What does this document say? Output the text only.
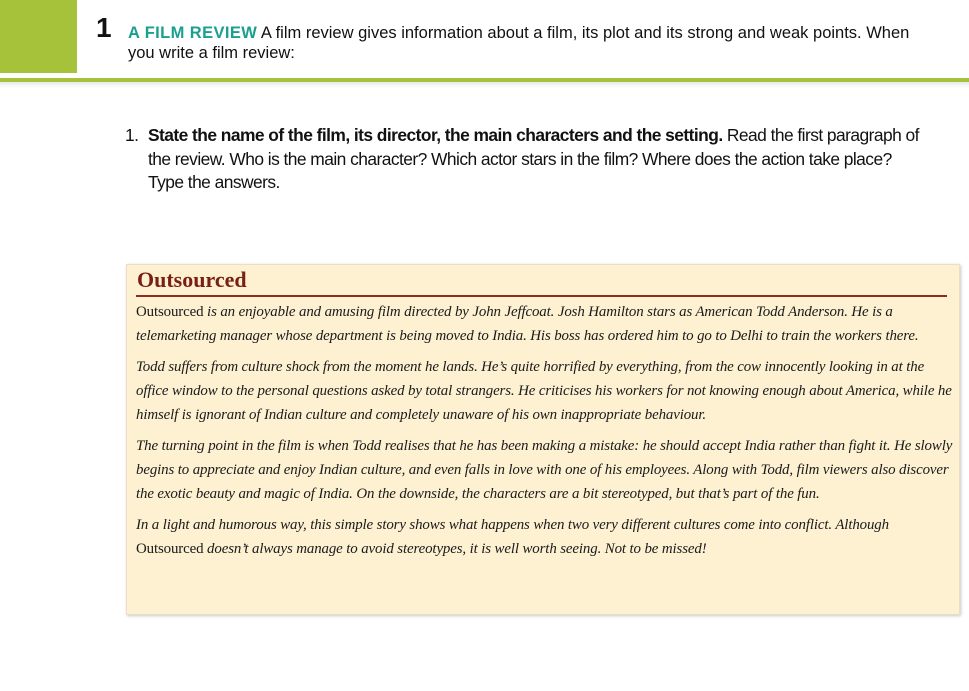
1 A FILM REVIEW A film review gives information about a film, its plot and its strong and weak points. When you write a film review:
1. State the name of the film, its director, the main characters and the setting. Read the first paragraph of the review. Who is the main character? Which actor stars in the film? Where does the action take place? Type the answers.
Outsourced

Outsourced is an enjoyable and amusing film directed by John Jeffcoat. Josh Hamilton stars as American Todd Anderson. He is a telemarketing manager whose department is being moved to India. His boss has ordered him to go to Delhi to train the workers there.

Todd suffers from culture shock from the moment he lands. He’s quite horrified by everything, from the cow innocently looking in at the office window to the personal questions asked by total strangers. He criticises his workers for not knowing enough about America, while he himself is ignorant of Indian culture and completely unaware of his own inappropriate behaviour.

The turning point in the film is when Todd realises that he has been making a mistake: he should accept India rather than fight it. He slowly begins to appreciate and enjoy Indian culture, and even falls in love with one of his employees. Along with Todd, film viewers also discover the exotic beauty and magic of India. On the downside, the characters are a bit stereotyped, but that’s part of the fun.

In a light and humorous way, this simple story shows what happens when two very different cultures come into conflict. Although Outsourced doesn’t always manage to avoid stereotypes, it is well worth seeing. Not to be missed!
